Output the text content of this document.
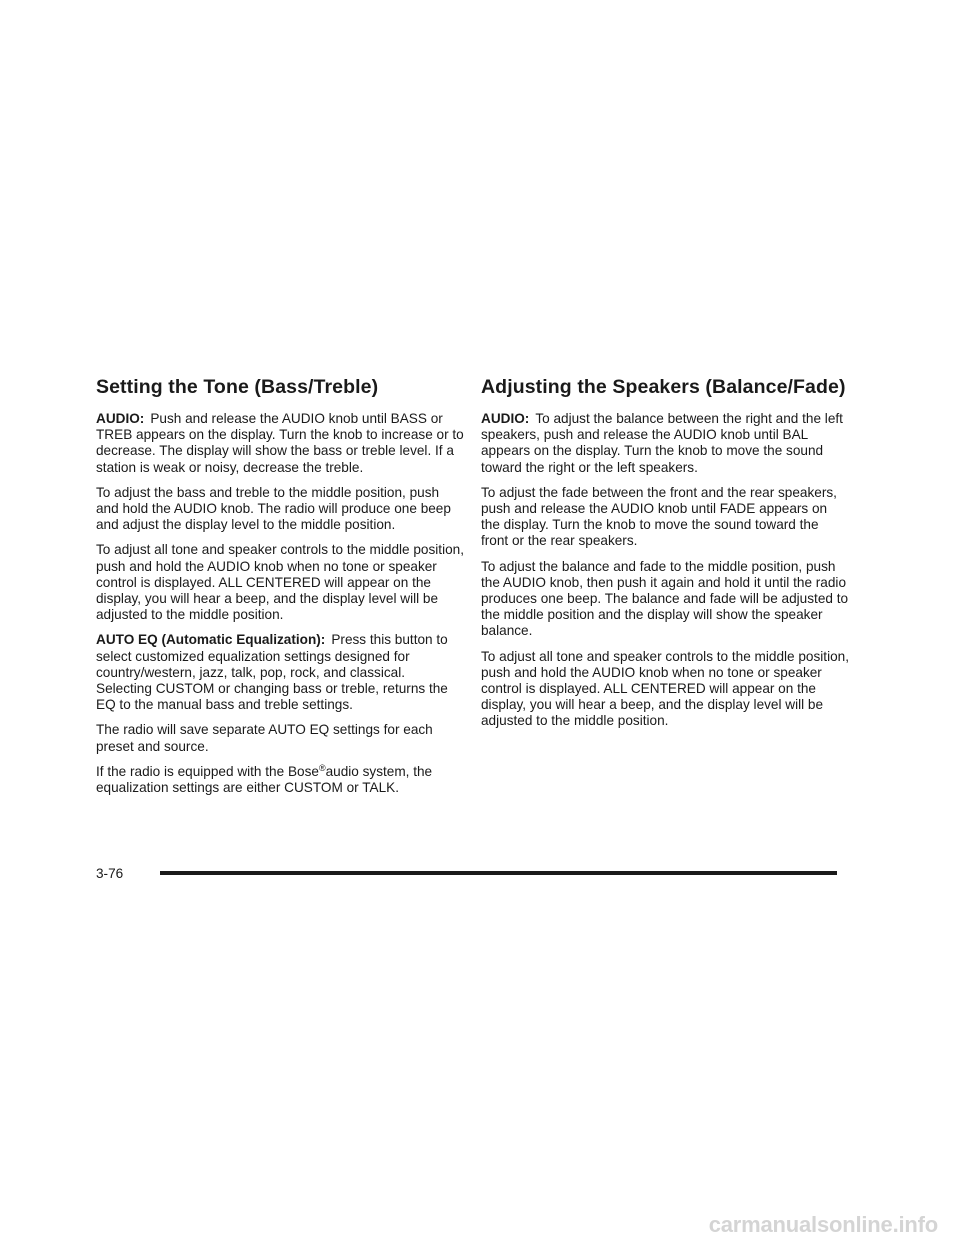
Setting the Tone (Bass/Treble)

AUDIO: Push and release the AUDIO knob until BASS or TREB appears on the display. Turn the knob to increase or to decrease. The display will show the bass or treble level. If a station is weak or noisy, decrease the treble.

To adjust the bass and treble to the middle position, push and hold the AUDIO knob. The radio will produce one beep and adjust the display level to the middle position.

To adjust all tone and speaker controls to the middle position, push and hold the AUDIO knob when no tone or speaker control is displayed. ALL CENTERED will appear on the display, you will hear a beep, and the display level will be adjusted to the middle position.

AUTO EQ (Automatic Equalization): Press this button to select customized equalization settings designed for country/western, jazz, talk, pop, rock, and classical. Selecting CUSTOM or changing bass or treble, returns the EQ to the manual bass and treble settings.

The radio will save separate AUTO EQ settings for each preset and source.

If the radio is equipped with the Bose®audio system, the equalization settings are either CUSTOM or TALK.

Adjusting the Speakers (Balance/Fade)

AUDIO: To adjust the balance between the right and the left speakers, push and release the AUDIO knob until BAL appears on the display. Turn the knob to move the sound toward the right or the left speakers.

To adjust the fade between the front and the rear speakers, push and release the AUDIO knob until FADE appears on the display. Turn the knob to move the sound toward the front or the rear speakers.

To adjust the balance and fade to the middle position, push the AUDIO knob, then push it again and hold it until the radio produces one beep. The balance and fade will be adjusted to the middle position and the display will show the speaker balance.

To adjust all tone and speaker controls to the middle position, push and hold the AUDIO knob when no tone or speaker control is displayed. ALL CENTERED will appear on the display, you will hear a beep, and the display level will be adjusted to the middle position.

3-76
carmanualsonline.info
